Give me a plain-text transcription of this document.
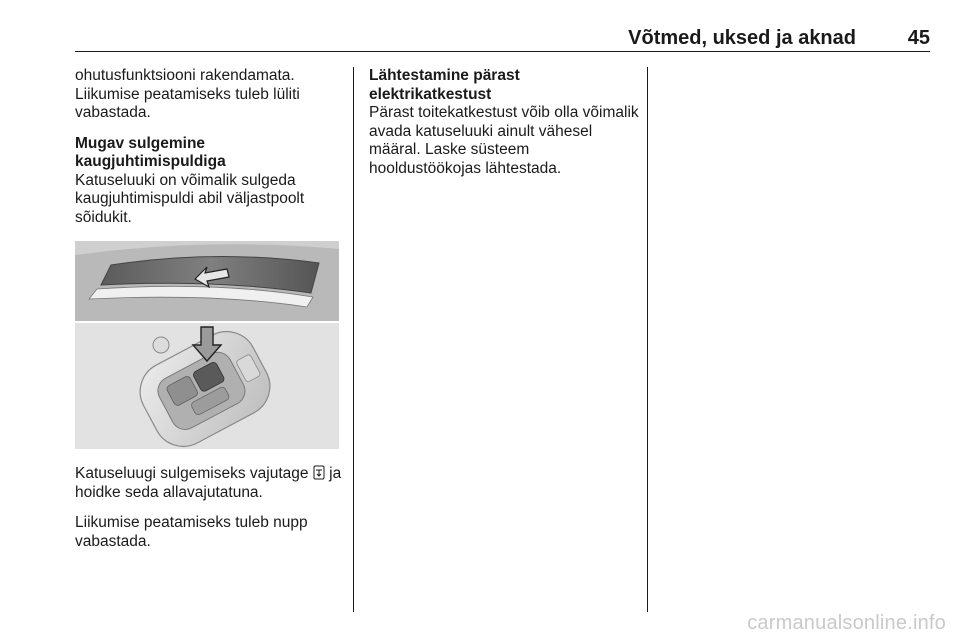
Võtmed, uksed ja aknad	45

ohutusfunktsiooni rakendamata. Liikumise peatamiseks tuleb lüliti vabastada.

Mugav sulgemine
kaugjuhtimispuldiga

Katuseluuki on võimalik sulgeda kaugjuhtimispuldi abil väljastpoolt sõidukit.

Katuseluugi sulgemiseks vajutage ja hoidke seda allavajutatuna.

Liikumise peatamiseks tuleb nupp vabastada.

Lähtestamine pärast elektrikatkestust

Pärast toitekatkestust võib olla võimalik avada katuseluuki ainult vähesel määral. Laske süsteem hooldustöökojas lähtestada.

carmanualsonline.info
